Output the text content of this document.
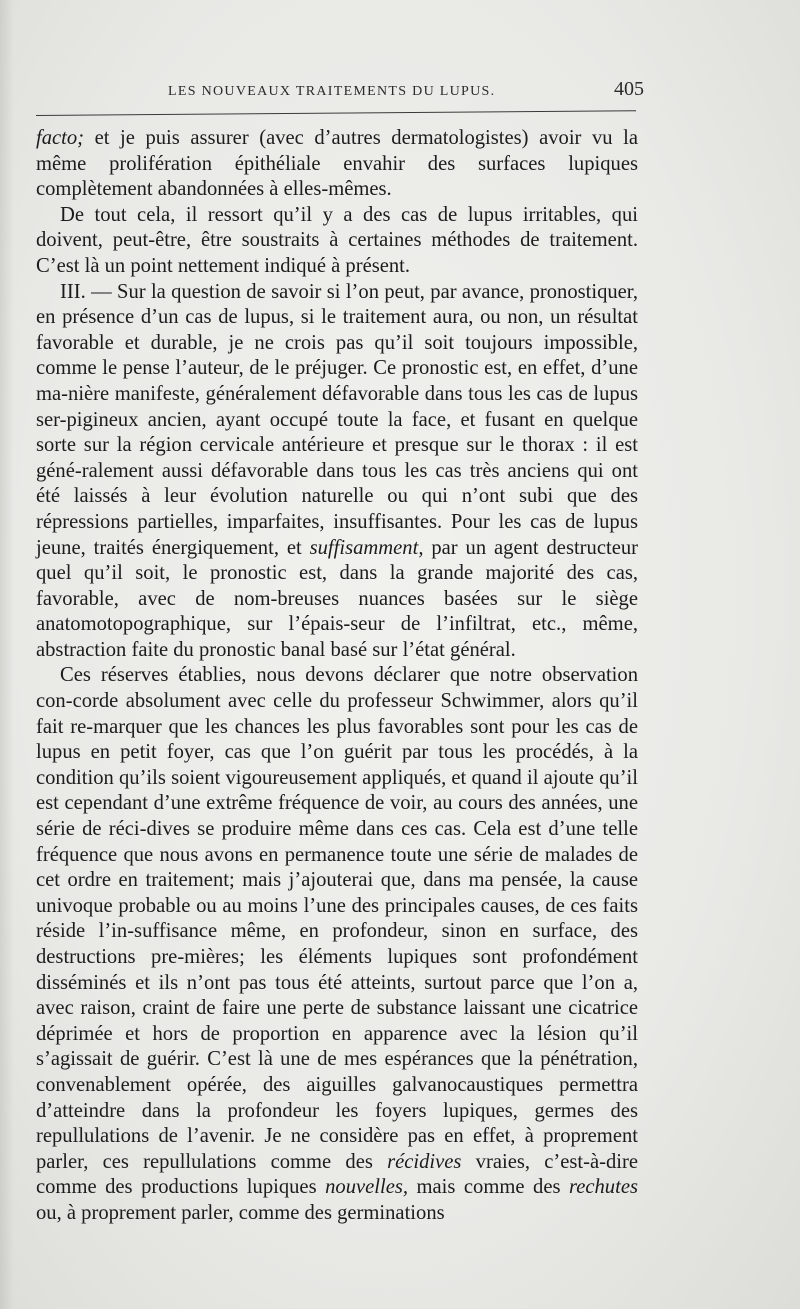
LES NOUVEAUX TRAITEMENTS DU LUPUS.	405

facto; et je puis assurer (avec d’autres dermatologistes) avoir vu la même prolifération épithéliale envahir des surfaces lupiques complètement abandonnées à elles-mêmes.

De tout cela, il ressort qu’il y a des cas de lupus irritables, qui doivent, peut-être, être soustraits à certaines méthodes de traitement. C’est là un point nettement indiqué à présent.

III. — Sur la question de savoir si l’on peut, par avance, pronostiquer, en présence d’un cas de lupus, si le traitement aura, ou non, un résultat favorable et durable, je ne crois pas qu’il soit toujours impossible, comme le pense l’auteur, de le préjuger. Ce pronostic est, en effet, d’une ma-nière manifeste, généralement défavorable dans tous les cas de lupus ser-pigineux ancien, ayant occupé toute la face, et fusant en quelque sorte sur la région cervicale antérieure et presque sur le thorax : il est géné-ralement aussi défavorable dans tous les cas très anciens qui ont été laissés à leur évolution naturelle ou qui n’ont subi que des répressions partielles, imparfaites, insuffisantes. Pour les cas de lupus jeune, traités énergiquement, et suffisamment, par un agent destructeur quel qu’il soit, le pronostic est, dans la grande majorité des cas, favorable, avec de nom-breuses nuances basées sur le siège anatomotopographique, sur l’épais-seur de l’infiltrat, etc., même, abstraction faite du pronostic banal basé sur l’état général.

Ces réserves établies, nous devons déclarer que notre observation con-corde absolument avec celle du professeur Schwimmer, alors qu’il fait re-marquer que les chances les plus favorables sont pour les cas de lupus en petit foyer, cas que l’on guérit par tous les procédés, à la condition qu’ils soient vigoureusement appliqués, et quand il ajoute qu’il est cependant d’une extrême fréquence de voir, au cours des années, une série de réci-dives se produire même dans ces cas. Cela est d’une telle fréquence que nous avons en permanence toute une série de malades de cet ordre en traitement; mais j’ajouterai que, dans ma pensée, la cause univoque probable ou au moins l’une des principales causes, de ces faits réside l’in-suffisance même, en profondeur, sinon en surface, des destructions pre-mières; les éléments lupiques sont profondément disséminés et ils n’ont pas tous été atteints, surtout parce que l’on a, avec raison, craint de faire une perte de substance laissant une cicatrice déprimée et hors de proportion en apparence avec la lésion qu’il s’agissait de guérir. C’est là une de mes espérances que la pénétration, convenablement opérée, des aiguilles galvanocaustiques permettra d’atteindre dans la profondeur les foyers lupiques, germes des repullulations de l’avenir. Je ne considère pas en effet, à proprement parler, ces repullulations comme des récidives vraies, c’est-à-dire comme des productions lupiques nouvelles, mais comme des rechutes ou, à proprement parler, comme des germinations
